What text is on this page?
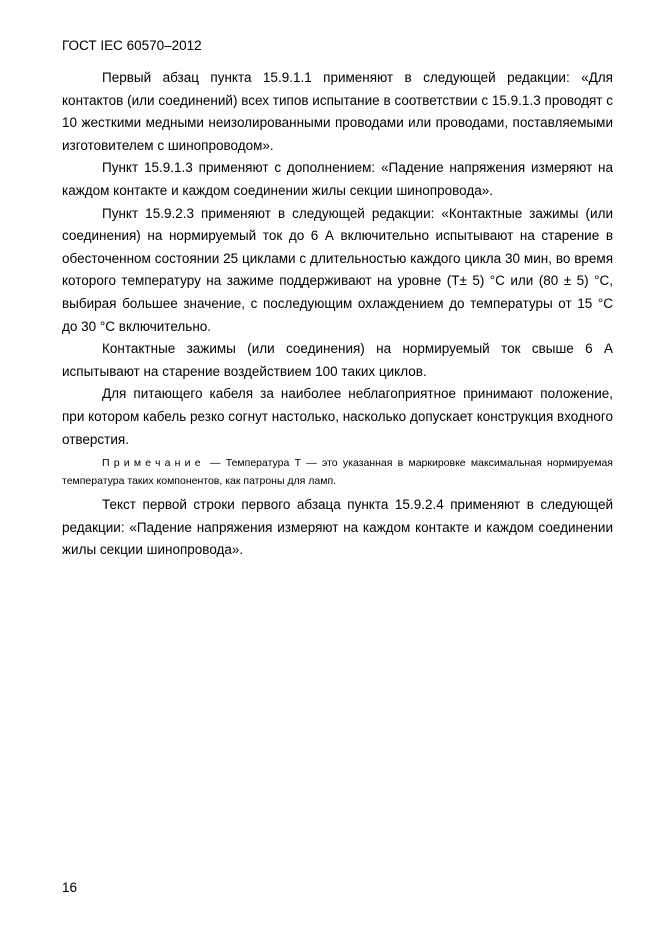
ГОСТ IEC 60570–2012

Первый абзац пункта 15.9.1.1 применяют в следующей редакции: «Для контактов (или соединений) всех типов испытание в соответствии с 15.9.1.3 проводят с 10 жесткими медными неизолированными проводами или проводами, поставляемыми изготовителем с шинопроводом».

Пункт 15.9.1.3 применяют с дополнением: «Падение напряжения измеряют на каждом контакте и каждом соединении жилы секции шинопровода».

Пункт 15.9.2.3 применяют в следующей редакции: «Контактные зажимы (или соединения) на нормируемый ток до 6 А включительно испытывают на старение в обесточенном состоянии 25 циклами с длительностью каждого цикла 30 мин, во время которого температуру на зажиме поддерживают на уровне (Т± 5) °С или (80 ± 5) °С, выбирая большее значение, с последующим охлаждением до температуры от 15 °С до 30 °С включительно.

Контактные зажимы (или соединения) на нормируемый ток свыше 6 А испытывают на старение воздействием 100 таких циклов.

Для питающего кабеля за наиболее неблагоприятное принимают положение, при котором кабель резко согнут настолько, насколько допускает конструкция входного отверстия.

Примечание — Температура Т — это указанная в маркировке максимальная нормируемая температура таких компонентов, как патроны для ламп.

Текст первой строки первого абзаца пункта 15.9.2.4 применяют в следующей редакции: «Падение напряжения измеряют на каждом контакте и каждом соединении жилы секции шинопровода».

16
